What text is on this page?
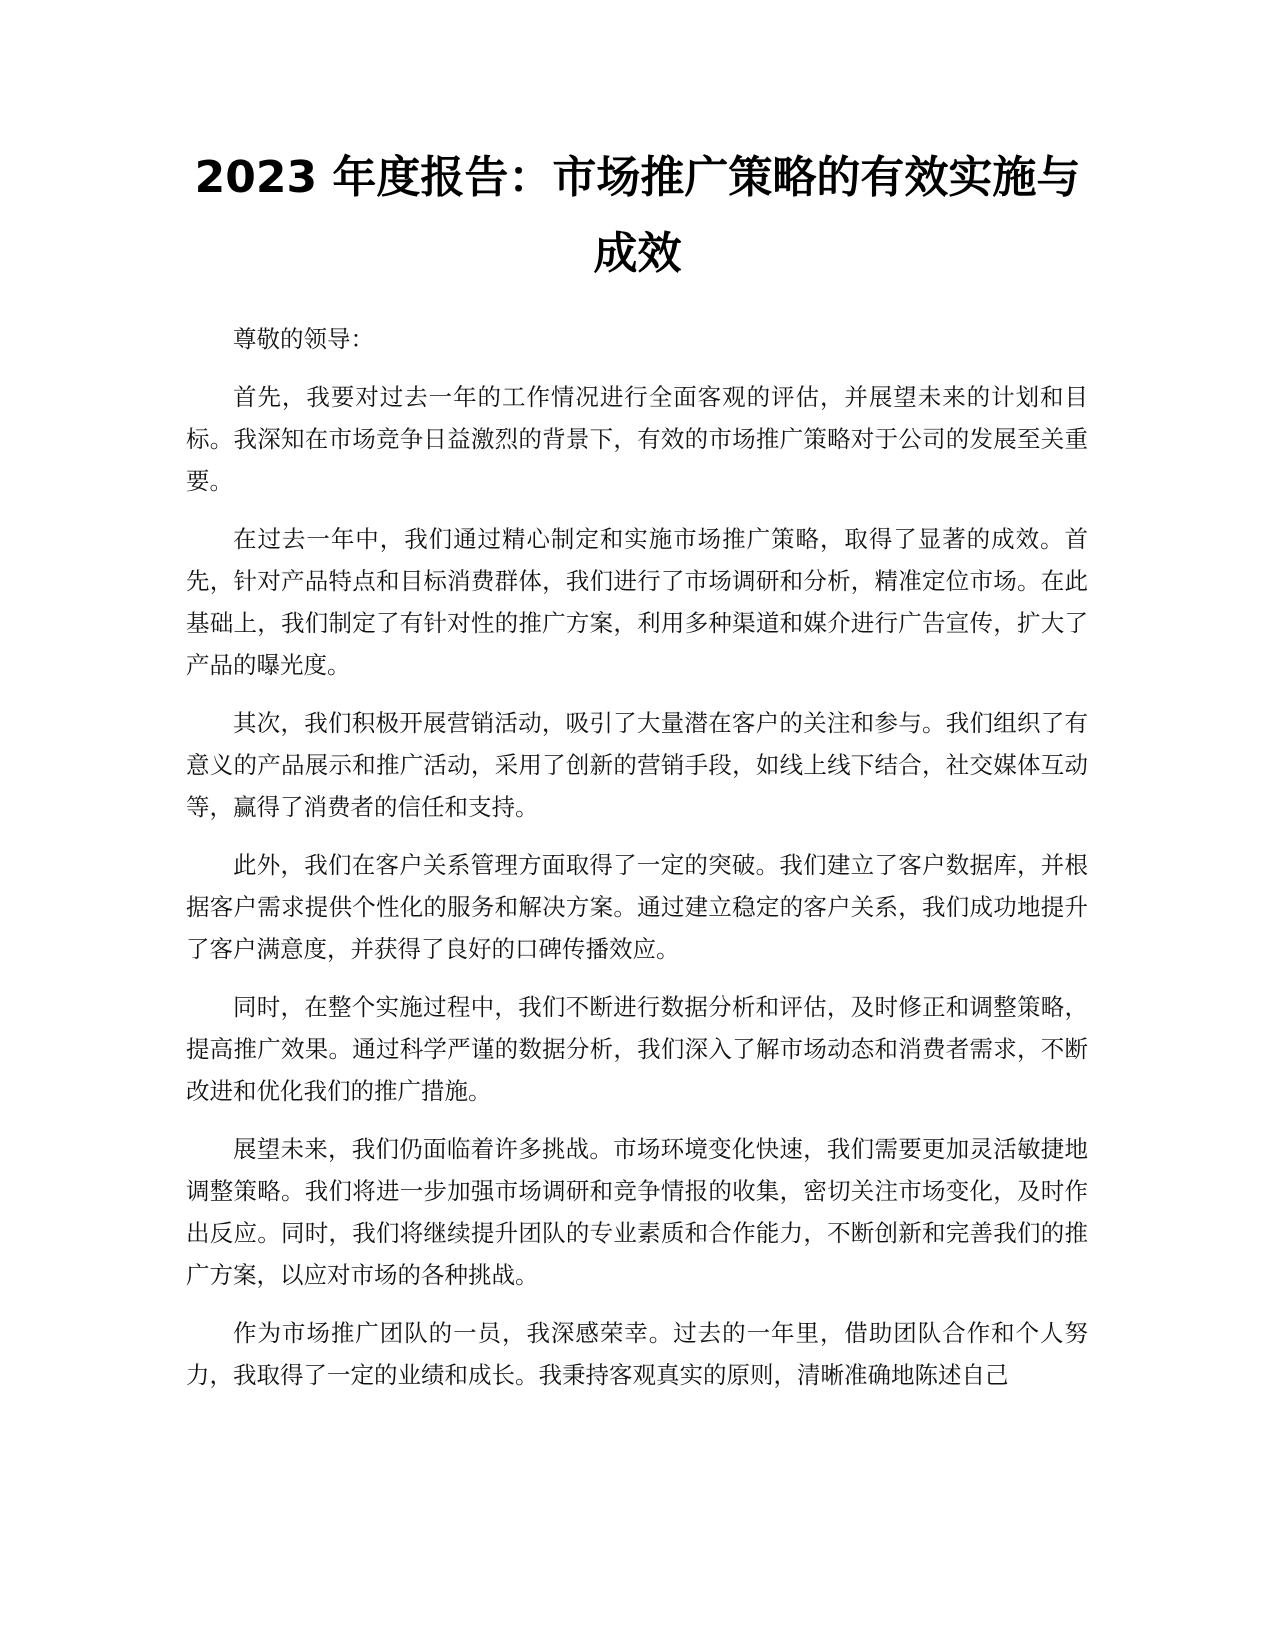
2023 年度报告：市场推广策略的有效实施与
成效

尊敬的领导：

首先，我要对过去一年的工作情况进行全面客观的评估，并展望未来的计划和目标。我深知在市场竞争日益激烈的背景下，有效的市场推广策略对于公司的发展至关重要。

在过去一年中，我们通过精心制定和实施市场推广策略，取得了显著的成效。首先，针对产品特点和目标消费群体，我们进行了市场调研和分析，精准定位市场。在此基础上，我们制定了有针对性的推广方案，利用多种渠道和媒介进行广告宣传，扩大了产品的曝光度。

其次，我们积极开展营销活动，吸引了大量潜在客户的关注和参与。我们组织了有意义的产品展示和推广活动，采用了创新的营销手段，如线上线下结合，社交媒体互动等，赢得了消费者的信任和支持。

此外，我们在客户关系管理方面取得了一定的突破。我们建立了客户数据库，并根据客户需求提供个性化的服务和解决方案。通过建立稳定的客户关系，我们成功地提升了客户满意度，并获得了良好的口碑传播效应。

同时，在整个实施过程中，我们不断进行数据分析和评估，及时修正和调整策略，提高推广效果。通过科学严谨的数据分析，我们深入了解市场动态和消费者需求，不断改进和优化我们的推广措施。

展望未来，我们仍面临着许多挑战。市场环境变化快速，我们需要更加灵活敏捷地调整策略。我们将进一步加强市场调研和竞争情报的收集，密切关注市场变化，及时作出反应。同时，我们将继续提升团队的专业素质和合作能力，不断创新和完善我们的推广方案，以应对市场的各种挑战。

作为市场推广团队的一员，我深感荣幸。过去的一年里，借助团队合作和个人努力，我取得了一定的业绩和成长。我秉持客观真实的原则，清晰准确地陈述自己
